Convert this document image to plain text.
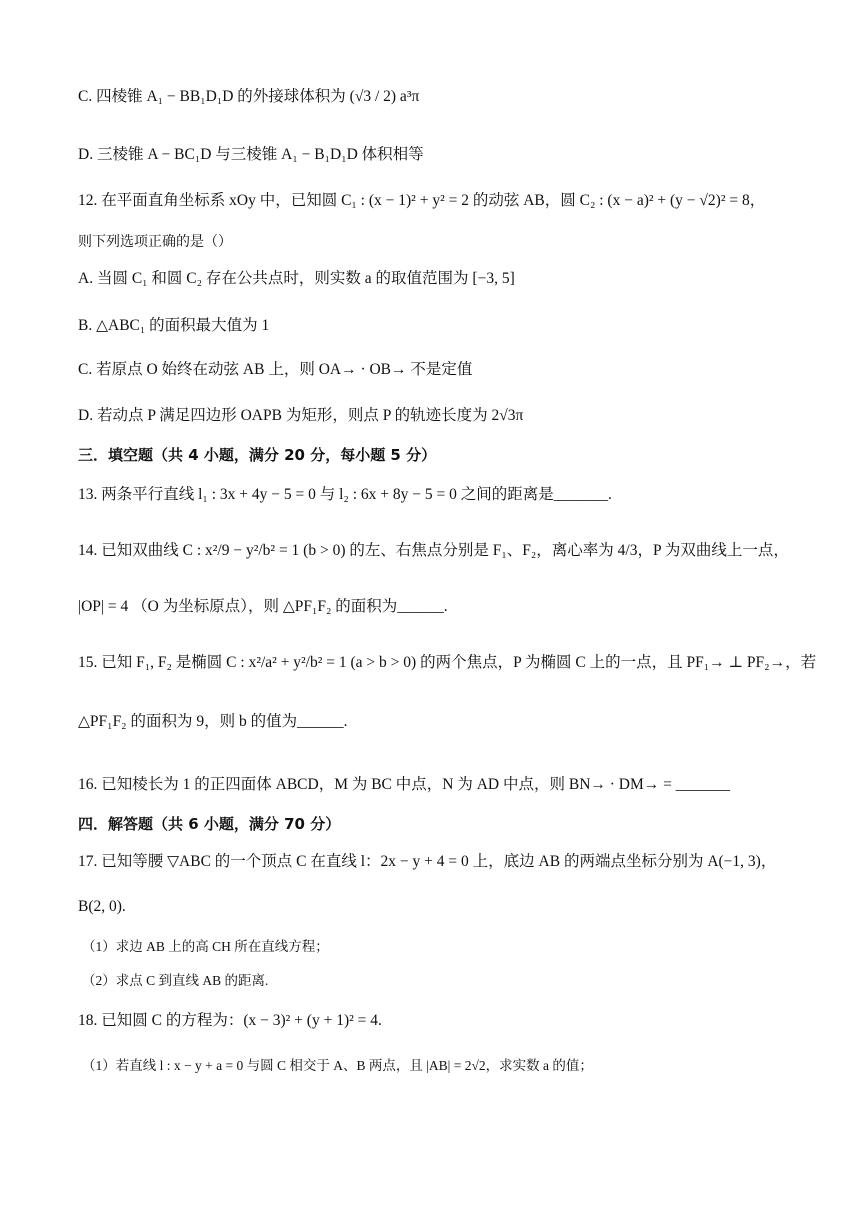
C. 四棱锥 A₁ − BB₁D₁D 的外接球体积为 (√3 / 2) a³π
D. 三棱锥 A − BC₁D 与三棱锥 A₁ − B₁D₁D 体积相等
12. 在平面直角坐标系 xOy 中，已知圆 C₁ : (x − 1)² + y² = 2 的动弦 AB，圆 C₂ : (x − a)² + (y − √2)² = 8，
则下列选项正确的是（）
A. 当圆 C₁ 和圆 C₂ 存在公共点时，则实数 a 的取值范围为 [−3, 5]
B. △ABC₁ 的面积最大值为 1
C. 若原点 O 始终在动弦 AB 上，则 OA→ · OB→ 不是定值
D. 若动点 P 满足四边形 OAPB 为矩形，则点 P 的轨迹长度为 2√3π
三．填空题（共 4 小题，满分 20 分，每小题 5 分）
13. 两条平行直线 l₁ : 3x + 4y − 5 = 0 与 l₂ : 6x + 8y − 5 = 0 之间的距离是_______.
14. 已知双曲线 C : x²/9 − y²/b² = 1 (b > 0) 的左、右焦点分别是 F₁、F₂，离心率为 4/3，P 为双曲线上一点，
|OP| = 4 （O 为坐标原点），则 △PF₁F₂ 的面积为______.
15. 已知 F₁, F₂ 是椭圆 C : x²/a² + y²/b² = 1 (a > b > 0) 的两个焦点，P 为椭圆 C 上的一点，且 PF₁→ ⊥ PF₂→，若
△PF₁F₂ 的面积为 9，则 b 的值为______.
16. 已知棱长为 1 的正四面体 ABCD，M 为 BC 中点，N 为 AD 中点，则 BN→ · DM→ = _______
四．解答题（共 6 小题，满分 70 分）
17. 已知等腰 ▽ABC 的一个顶点 C 在直线 l：2x − y + 4 = 0 上，底边 AB 的两端点坐标分别为 A(−1, 3)，
B(2, 0).
（1）求边 AB 上的高 CH 所在直线方程；
（2）求点 C 到直线 AB 的距离.
18. 已知圆 C 的方程为：(x − 3)² + (y + 1)² = 4.
（1）若直线 l : x − y + a = 0 与圆 C 相交于 A、B 两点，且 |AB| = 2√2，求实数 a 的值；
